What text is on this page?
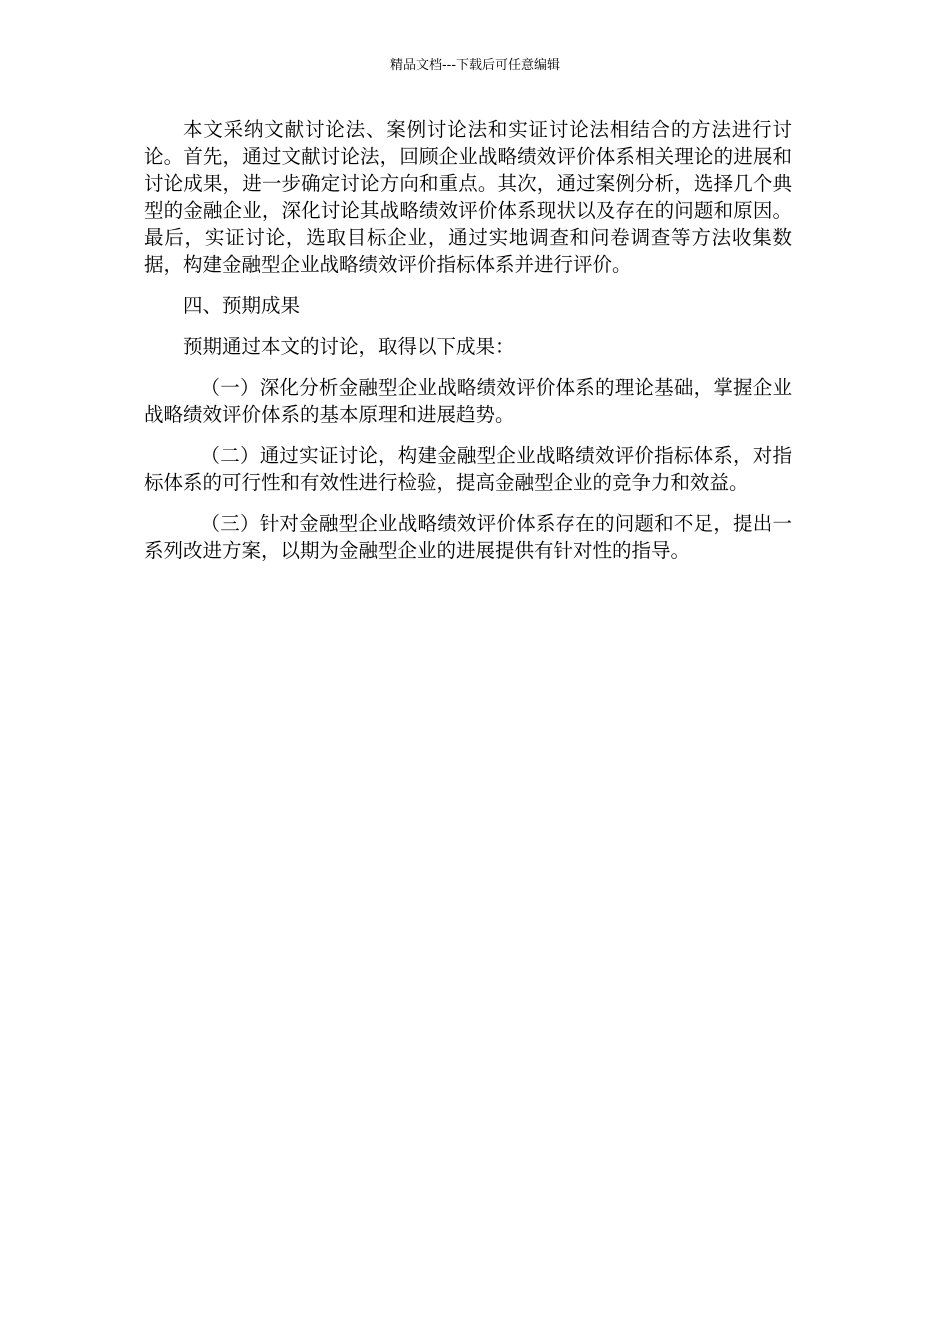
精品文档---下载后可任意编辑

本文采纳文献讨论法、案例讨论法和实证讨论法相结合的方法进行讨论。首先，通过文献讨论法，回顾企业战略绩效评价体系相关理论的进展和讨论成果，进一步确定讨论方向和重点。其次，通过案例分析，选择几个典型的金融企业，深化讨论其战略绩效评价体系现状以及存在的问题和原因。最后，实证讨论，选取目标企业，通过实地调查和问卷调查等方法收集数据，构建金融型企业战略绩效评价指标体系并进行评价。

四、预期成果

预期通过本文的讨论，取得以下成果：

（一）深化分析金融型企业战略绩效评价体系的理论基础，掌握企业战略绩效评价体系的基本原理和进展趋势。

（二）通过实证讨论，构建金融型企业战略绩效评价指标体系，对指标体系的可行性和有效性进行检验，提高金融型企业的竞争力和效益。

（三）针对金融型企业战略绩效评价体系存在的问题和不足，提出一系列改进方案，以期为金融型企业的进展提供有针对性的指导。
